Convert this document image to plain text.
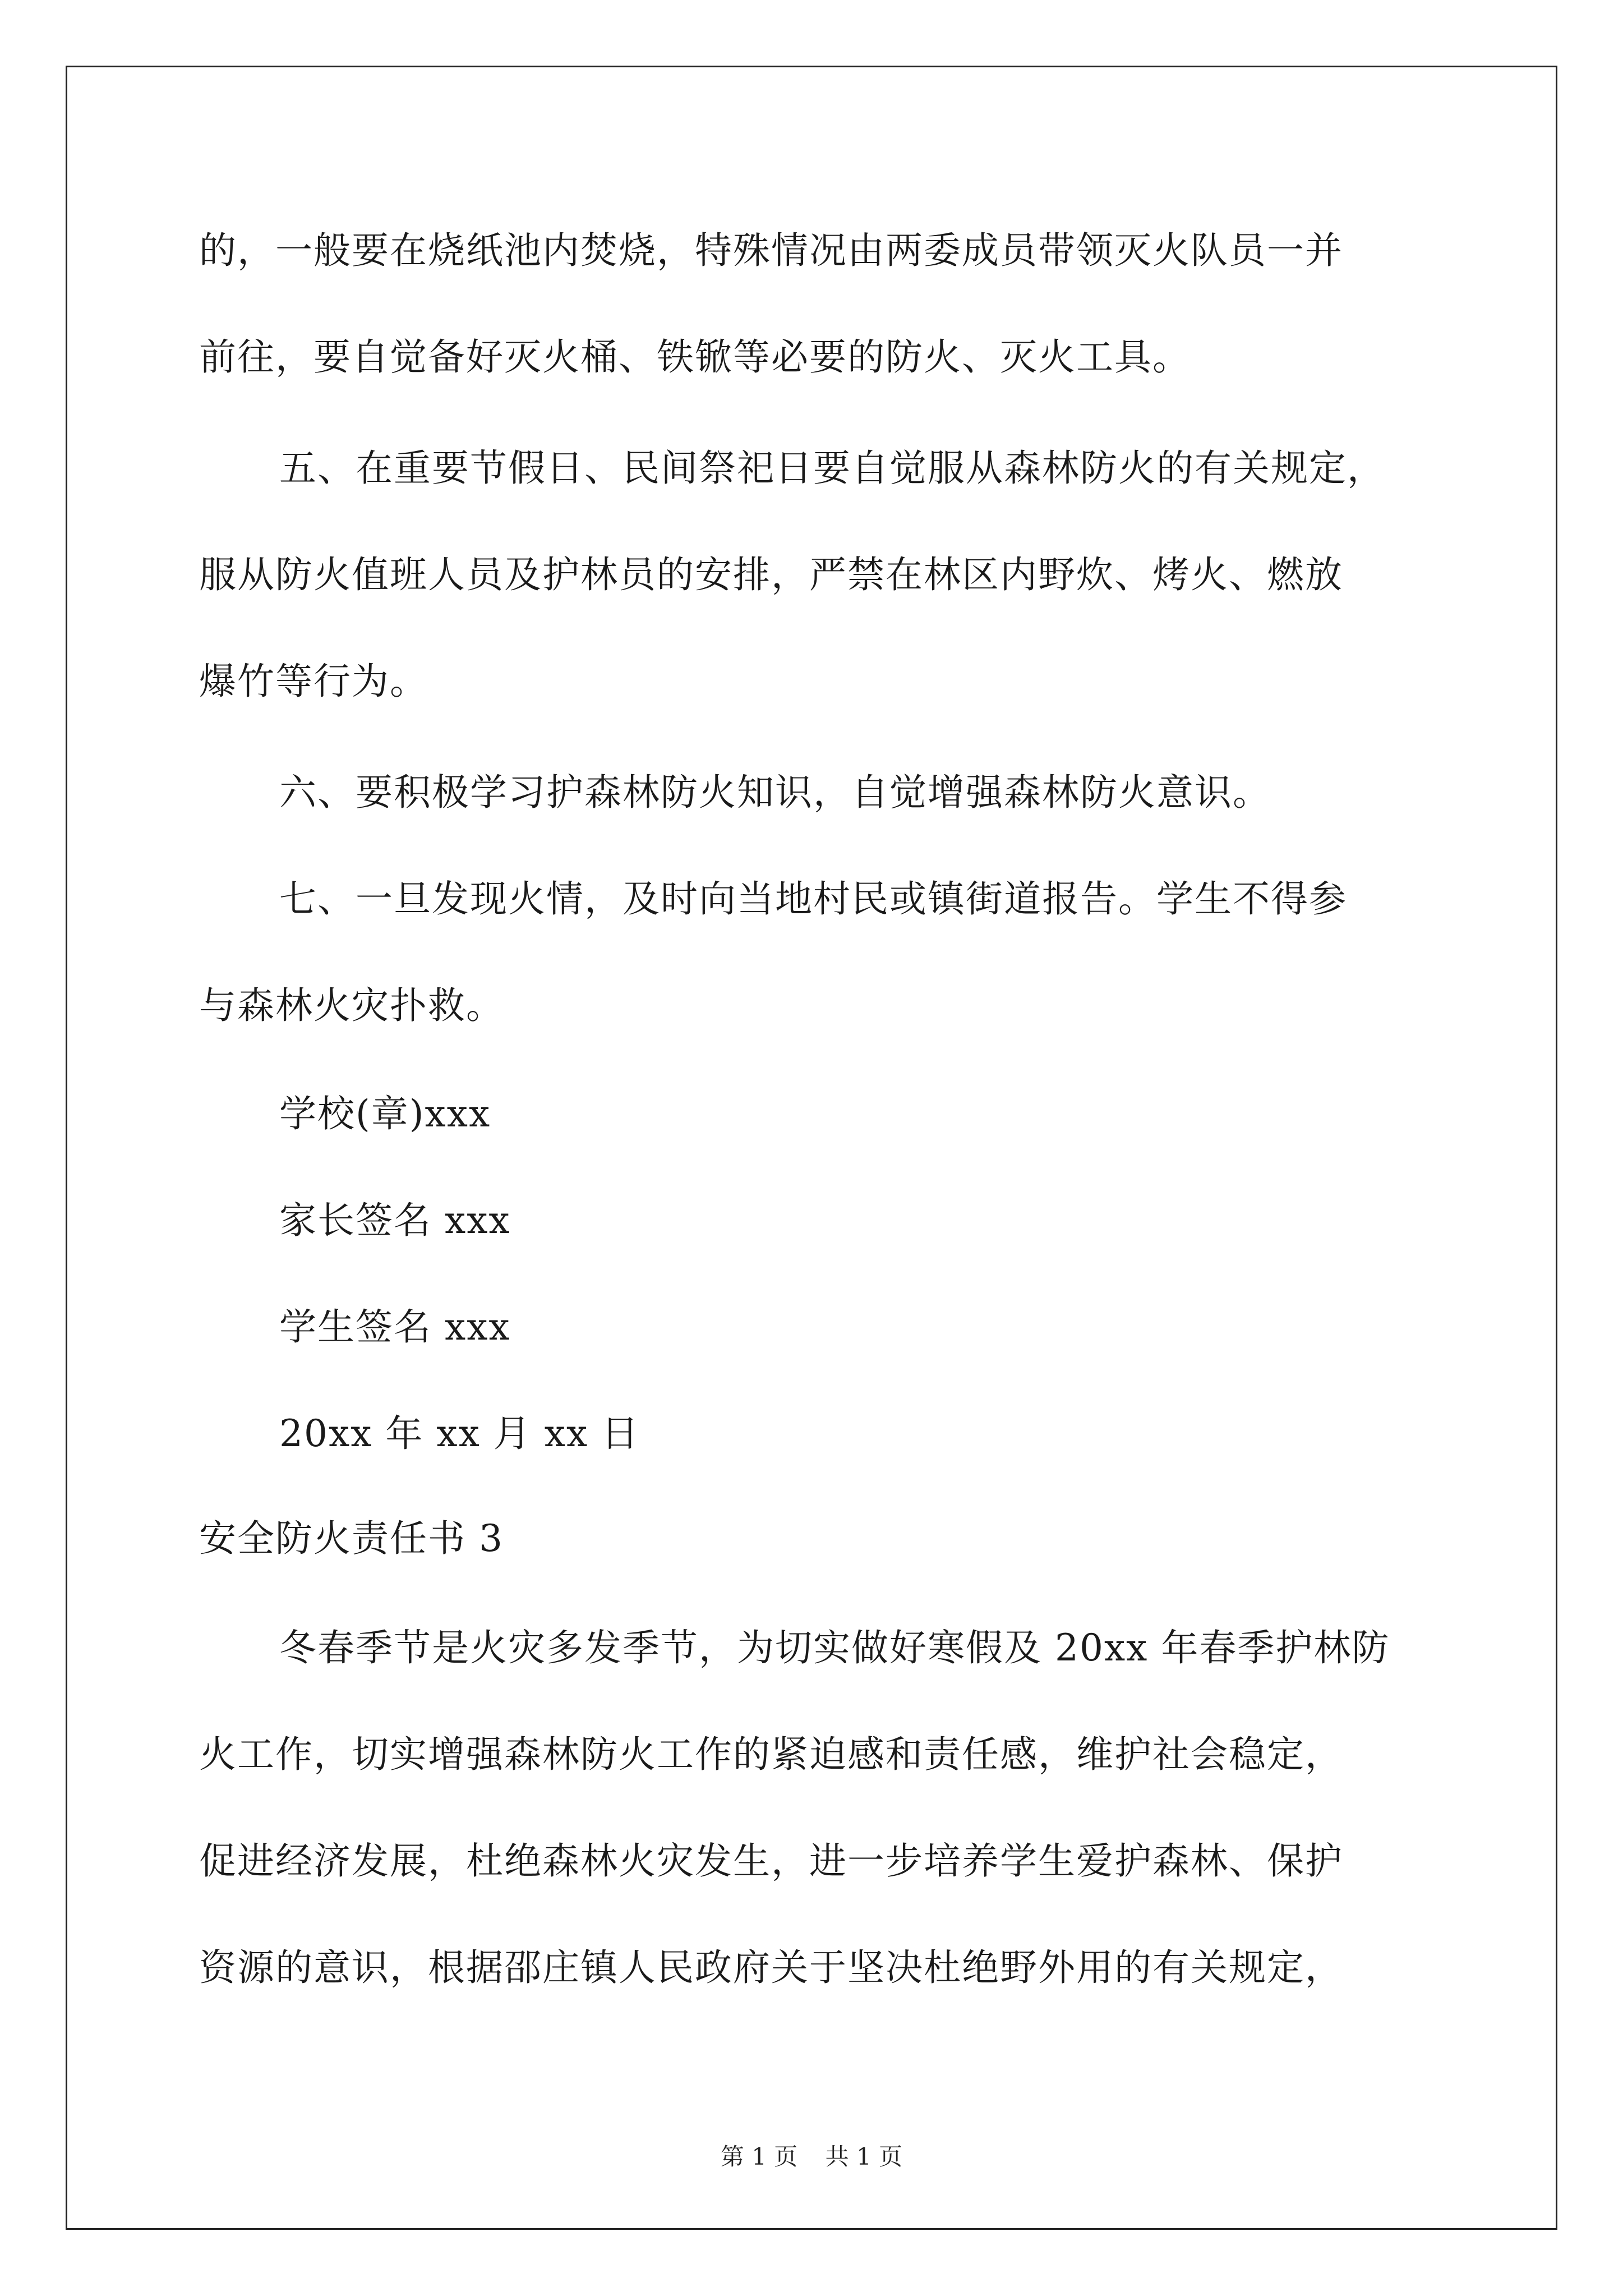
的，一般要在烧纸池内焚烧，特殊情况由两委成员带领灭火队员一并
前往，要自觉备好灭火桶、铁锨等必要的防火、灭火工具。
五、在重要节假日、民间祭祀日要自觉服从森林防火的有关规定，
服从防火值班人员及护林员的安排，严禁在林区内野炊、烤火、燃放
爆竹等行为。
六、要积极学习护森林防火知识，自觉增强森林防火意识。
七、一旦发现火情，及时向当地村民或镇街道报告。学生不得参
与森林火灾扑救。
学校(章)xxx
家长签名 xxx
学生签名 xxx
20xx 年 xx 月 xx 日
安全防火责任书 3
冬春季节是火灾多发季节，为切实做好寒假及 20xx 年春季护林防
火工作，切实增强森林防火工作的紧迫感和责任感，维护社会稳定，
促进经济发展，杜绝森林火灾发生，进一步培养学生爱护森林、保护
资源的意识，根据邵庄镇人民政府关于坚决杜绝野外用的有关规定，
第 1 页 共 1 页
